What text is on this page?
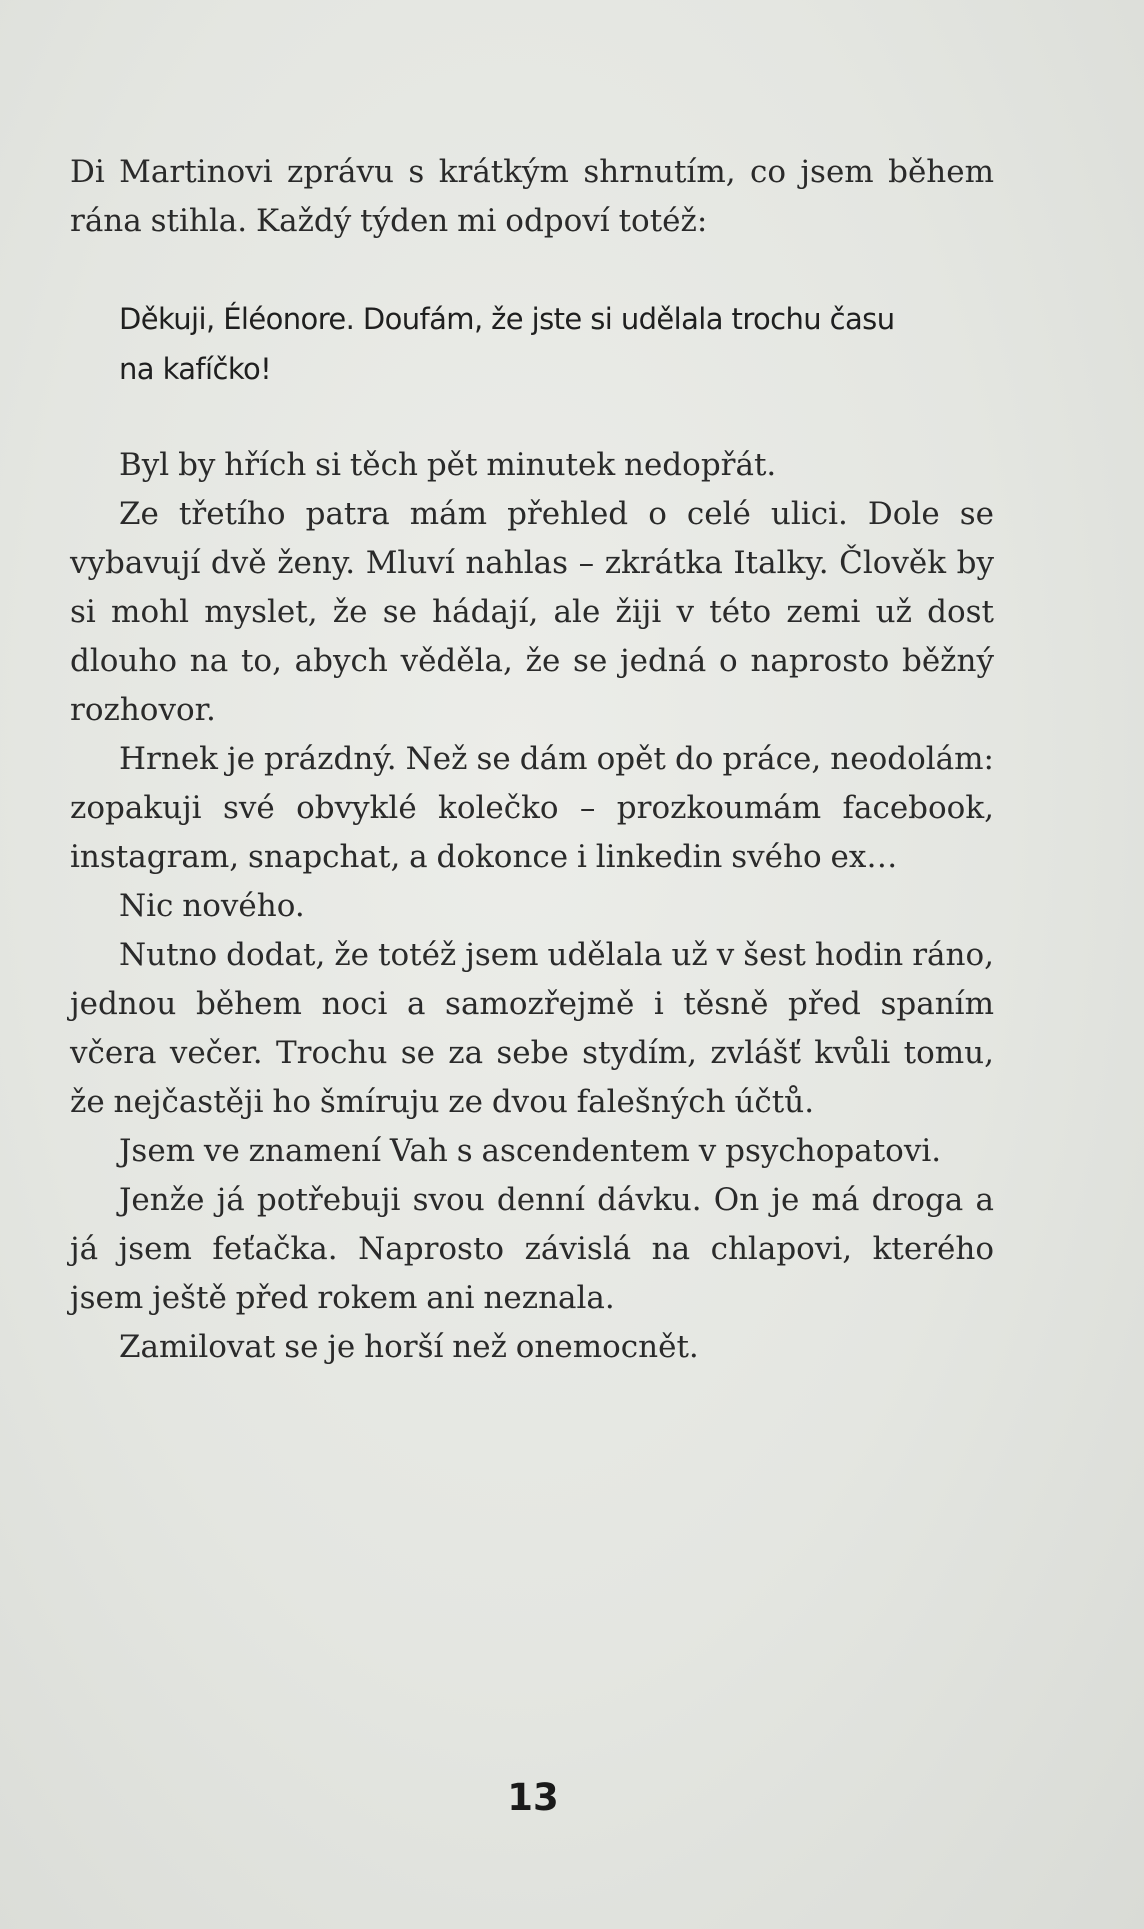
Di Martinovi zprávu s krátkým shrnutím, co jsem během rána stihla. Každý týden mi odpoví totéž:

Děkuji, Éléonore. Doufám, že jste si udělala trochu času
na kafíčko!

Byl by hřích si těch pět minutek nedopřát.

Ze třetího patra mám přehled o celé ulici. Dole se vybavují dvě ženy. Mluví nahlas – zkrátka Italky. Člověk by si mohl myslet, že se hádají, ale žiji v této zemi už dost dlouho na to, abych věděla, že se jedná o naprosto běžný rozhovor.

Hrnek je prázdný. Než se dám opět do práce, neodolám: zopakuji své obvyklé kolečko – prozkoumám facebook, instagram, snapchat, a dokonce i linkedin svého ex…

Nic nového.

Nutno dodat, že totéž jsem udělala už v šest hodin ráno, jednou během noci a samozřejmě i těsně před spaním včera večer. Trochu se za sebe stydím, zvlášť kvůli tomu, že nejčastěji ho šmíruju ze dvou falešných účtů.

Jsem ve znamení Vah s ascendentem v psychopatovi.

Jenže já potřebuji svou denní dávku. On je má droga a já jsem feťačka. Naprosto závislá na chlapovi, kterého jsem ještě před rokem ani neznala.

Zamilovat se je horší než onemocnět.

13
